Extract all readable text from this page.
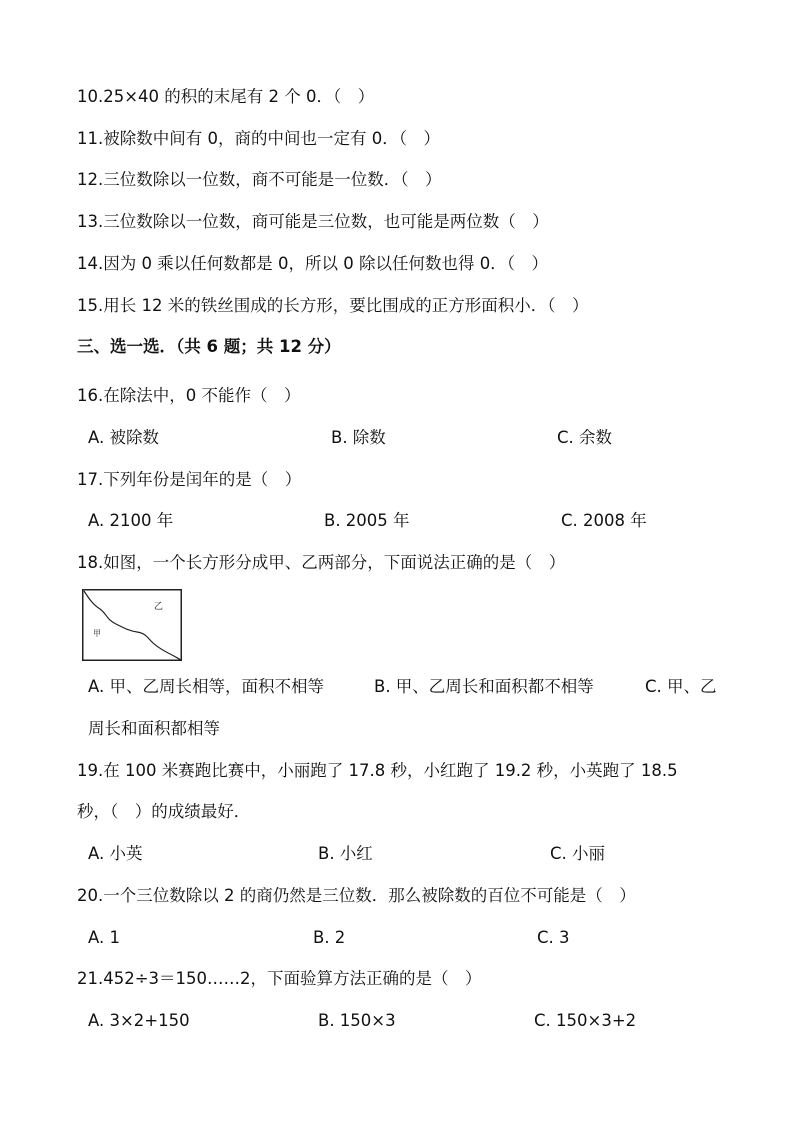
10.25×40 的积的末尾有 2 个 0．（　）
11.被除数中间有 0，商的中间也一定有 0．（　）
12.三位数除以一位数，商不可能是一位数．（　）
13.三位数除以一位数，商可能是三位数，也可能是两位数（　）
14.因为 0 乘以任何数都是 0，所以 0 除以任何数也得 0．（　）
15.用长 12 米的铁丝围成的长方形，要比围成的正方形面积小．（　）
三、选一选．（共 6 题；共 12 分）
16.在除法中，0 不能作（　）
A. 被除数	B. 除数	C. 余数
17.下列年份是闰年的是（　）
A. 2100 年	B. 2005 年	C. 2008 年
18.如图，一个长方形分成甲、乙两部分，下面说法正确的是（　）
乙
甲
A. 甲、乙周长相等，面积不相等	B. 甲、乙周长和面积都不相等	C. 甲、乙
周长和面积都相等
19.在 100 米赛跑比赛中，小丽跑了 17.8 秒，小红跑了 19.2 秒，小英跑了 18.5
秒，（　）的成绩最好．
A. 小英	B. 小红	C. 小丽
20.一个三位数除以 2 的商仍然是三位数．那么被除数的百位不可能是（　）
A. 1	B. 2	C. 3
21.452÷3＝150……2，下面验算方法正确的是（　）
A. 3×2+150	B. 150×3	C. 150×3+2
